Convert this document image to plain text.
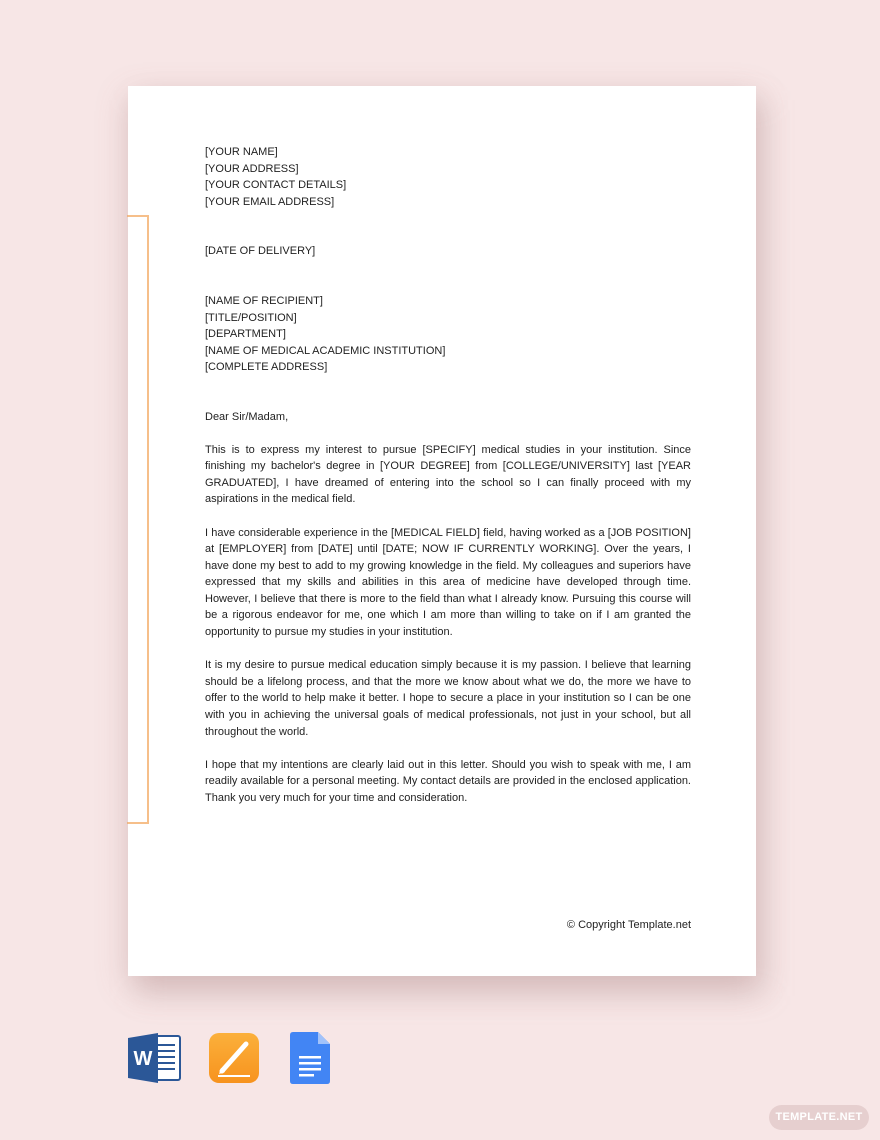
[YOUR NAME]
[YOUR ADDRESS]
[YOUR CONTACT DETAILS]
[YOUR EMAIL ADDRESS]
[DATE OF DELIVERY]
[NAME OF RECIPIENT]
[TITLE/POSITION]
[DEPARTMENT]
[NAME OF MEDICAL ACADEMIC INSTITUTION]
[COMPLETE ADDRESS]
Dear Sir/Madam,

This is to express my interest to pursue [SPECIFY] medical studies in your institution. Since finishing my bachelor's degree in [YOUR DEGREE] from [COLLEGE/UNIVERSITY] last [YEAR GRADUATED], I have dreamed of entering into the school so I can finally proceed with my aspirations in the medical field.

I have considerable experience in the [MEDICAL FIELD] field, having worked as a [JOB POSITION] at [EMPLOYER] from [DATE] until [DATE; NOW IF CURRENTLY WORKING]. Over the years, I have done my best to add to my growing knowledge in the field. My colleagues and superiors have expressed that my skills and abilities in this area of medicine have developed through time. However, I believe that there is more to the field than what I already know. Pursuing this course will be a rigorous endeavor for me, one which I am more than willing to take on if I am granted the opportunity to pursue my studies in your institution.

It is my desire to pursue medical education simply because it is my passion. I believe that learning should be a lifelong process, and that the more we know about what we do, the more we have to offer to the world to help make it better. I hope to secure a place in your institution so I can be one with you in achieving the universal goals of medical professionals, not just in your school, but all throughout the world.

I hope that my intentions are clearly laid out in this letter. Should you wish to speak with me, I am readily available for a personal meeting. My contact details are provided in the enclosed application. Thank you very much for your time and consideration.

© Copyright Template.net
W
TEMPLATE.NET
